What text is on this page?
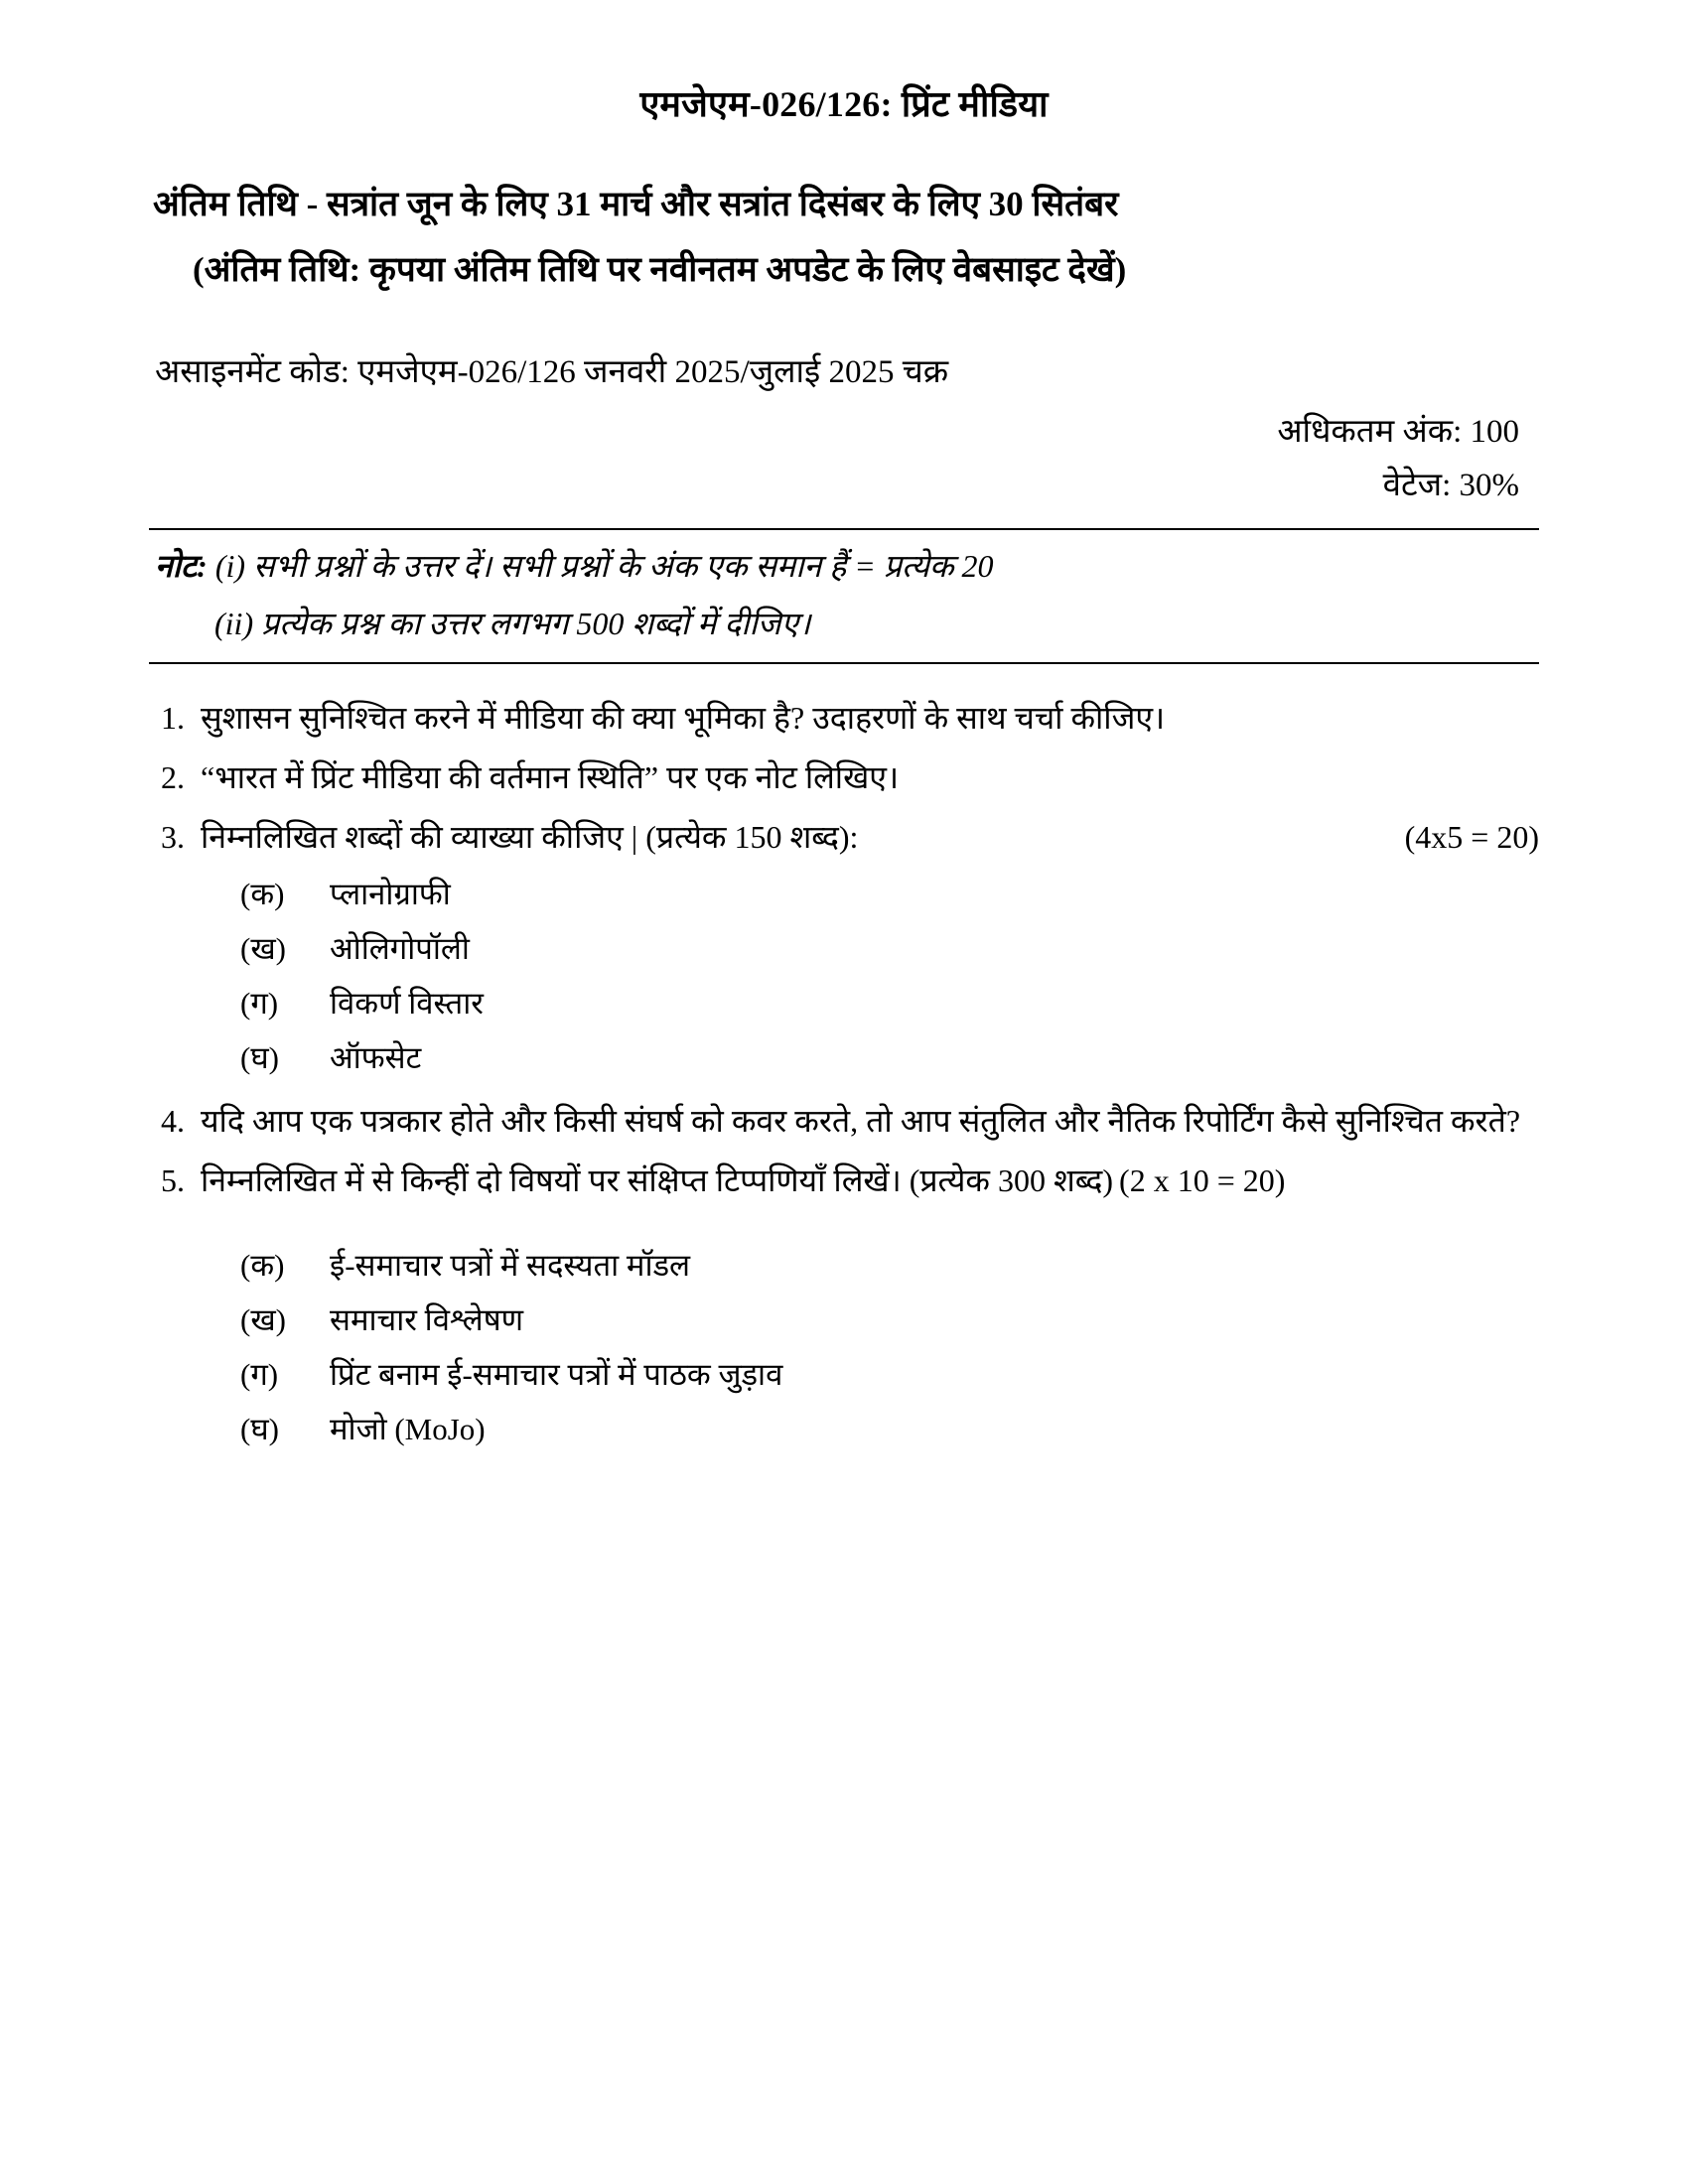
एमजेएम-026/126: प्रिंट मीडिया
अंतिम तिथि - सत्रांत जून के लिए 31 मार्च और सत्रांत दिसंबर के लिए 30 सितंबर
(अंतिम तिथि: कृपया अंतिम तिथि पर नवीनतम अपडेट के लिए वेबसाइट देखें)
असाइनमेंट कोड: एमजेएम-026/126 जनवरी 2025/जुलाई 2025 चक्र
अधिकतम अंक: 100
वेटेज: 30%
नोट: (i) सभी प्रश्नों के उत्तर दें। सभी प्रश्नों के अंक एक समान हैं = प्रत्येक 20
(ii) प्रत्येक प्रश्न का उत्तर लगभग 500 शब्दों में दीजिए।
1. सुशासन सुनिश्चित करने में मीडिया की क्या भूमिका है? उदाहरणों के साथ चर्चा कीजिए।
2. “भारत में प्रिंट मीडिया की वर्तमान स्थिति” पर एक नोट लिखिए।
3. निम्नलिखित शब्दों की व्याख्या कीजिए | (प्रत्येक 150 शब्द):	(4x5 = 20)
(क)	प्लानोग्राफी
(ख)	ओलिगोपॉली
(ग)	विकर्ण विस्तार
(घ)	ऑफसेट
4. यदि आप एक पत्रकार होते और किसी संघर्ष को कवर करते, तो आप संतुलित और नैतिक रिपोर्टिंग कैसे सुनिश्चित करते?
5. निम्नलिखित में से किन्हीं दो विषयों पर संक्षिप्त टिप्पणियाँ लिखें। (प्रत्येक 300 शब्द) (2 x 10 = 20)
(क)	ई-समाचार पत्रों में सदस्यता मॉडल
(ख)	समाचार विश्लेषण
(ग)	प्रिंट बनाम ई-समाचार पत्रों में पाठक जुड़ाव
(घ)	मोजो (MoJo)
